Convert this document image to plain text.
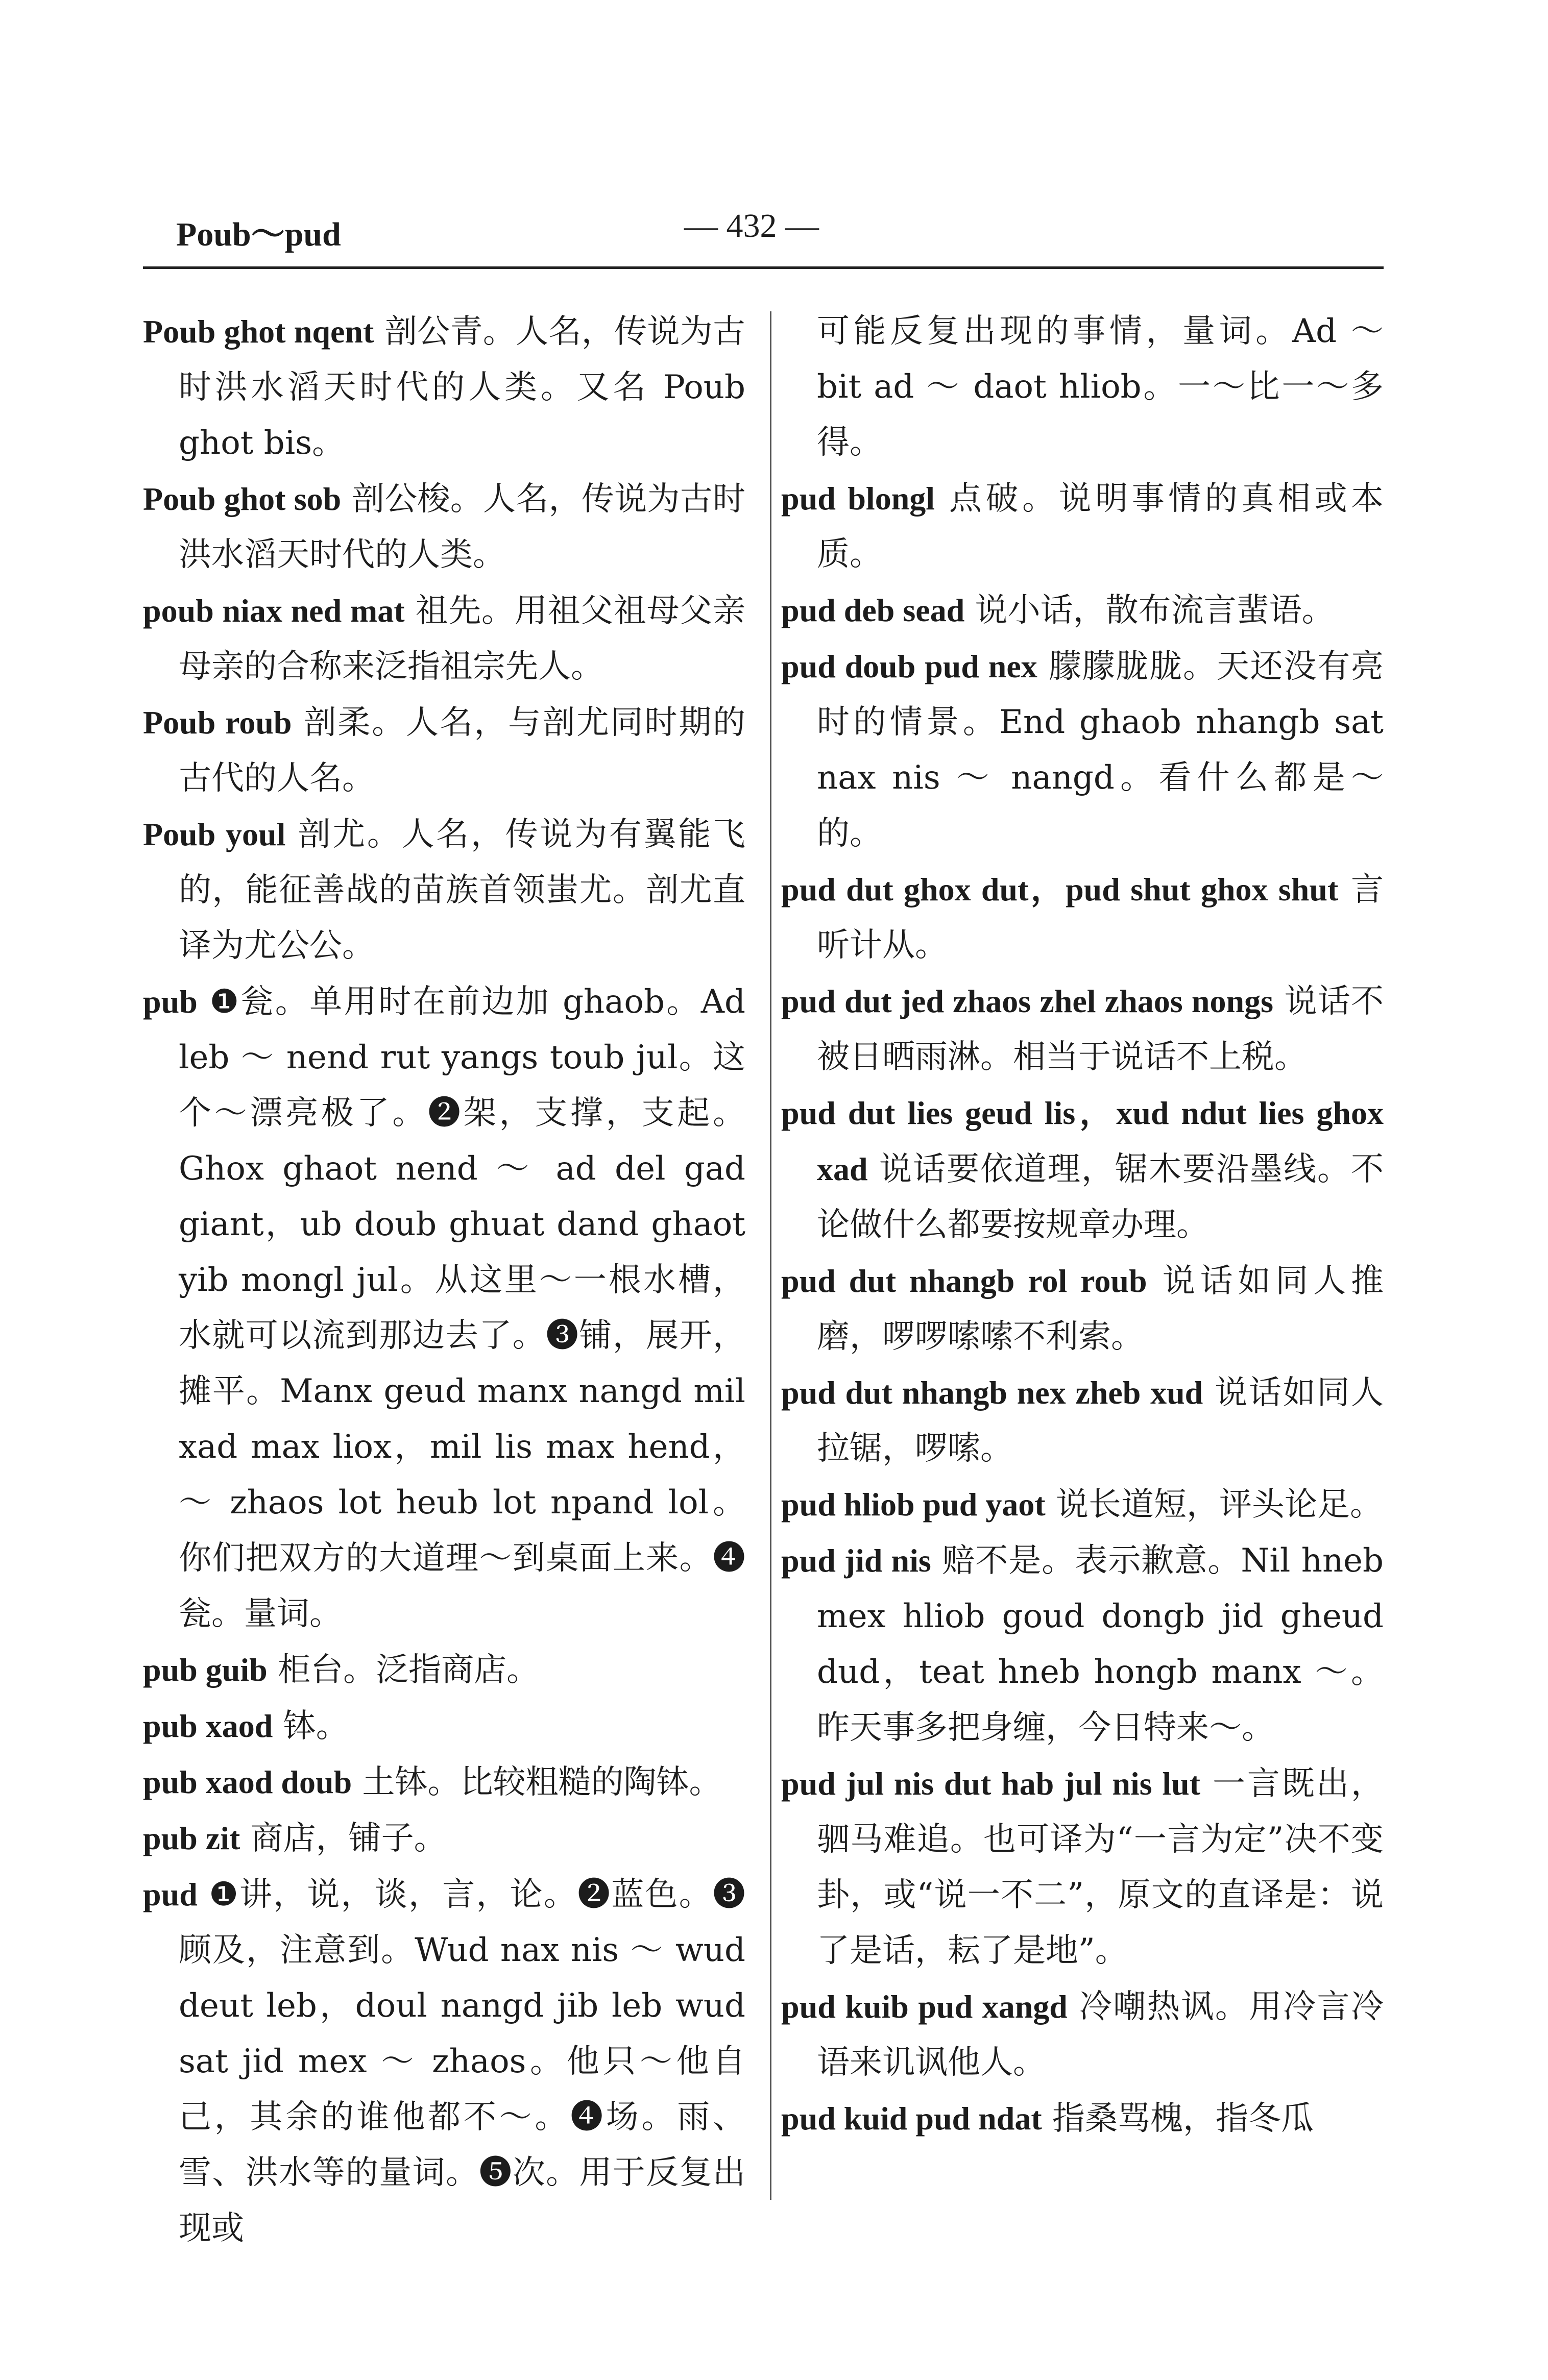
Poub～pud	— 432 —

Poub ghot nqent 剖公青。人名，传说为古时洪水滔天时代的人类。又名 Poub ghot bis。

Poub ghot sob 剖公梭。人名，传说为古时洪水滔天时代的人类。

poub niax ned mat 祖先。用祖父祖母父亲母亲的合称来泛指祖宗先人。

Poub roub 剖柔。人名，与剖尤同时期的古代的人名。

Poub youl 剖尤。人名，传说为有翼能飞的，能征善战的苗族首领蚩尤。剖尤直译为尤公公。

pub ❶瓮。单用时在前边加 ghaob。Ad leb ～ nend rut yangs toub jul。这个～漂亮极了。❷架，支撑，支起。Ghox ghaot nend ～ ad del gad giant，ub doub ghuat dand ghaot yib mongl jul。从这里～一根水槽，水就可以流到那边去了。❸铺，展开，摊平。Manx geud manx nangd mil xad max liox，mil lis max hend，～ zhaos lot heub lot npand lol。你们把双方的大道理～到桌面上来。❹瓮。量词。

pub guib 柜台。泛指商店。

pub xaod 钵。

pub xaod doub 土钵。比较粗糙的陶钵。

pub zit 商店，铺子。

pud ❶讲，说，谈，言，论。❷蓝色。❸顾及，注意到。Wud nax nis ～ wud deut leb，doul nangd jib leb wud sat jid mex ～ zhaos。他只～他自己，其余的谁他都不～。❹场。雨、雪、洪水等的量词。❺次。用于反复出现或

可能反复出现的事情，量词。Ad ～ bit ad ～ daot hliob。一～比一～多得。

pud blongl 点破。说明事情的真相或本质。

pud deb sead 说小话，散布流言蜚语。

pud doub pud nex 朦朦胧胧。天还没有亮时的情景。End ghaob nhangb sat nax nis ～ nangd。看什么都是～的。

pud dut ghox dut，pud shut ghox shut 言听计从。

pud dut jed zhaos zhel zhaos nongs 说话不被日晒雨淋。相当于说话不上税。

pud dut lies geud lis，xud ndut lies ghox xad 说话要依道理，锯木要沿墨线。不论做什么都要按规章办理。

pud dut nhangb rol roub 说话如同人推磨，啰啰嗦嗦不利索。

pud dut nhangb nex zheb xud 说话如同人拉锯，啰嗦。

pud hliob pud yaot 说长道短，评头论足。

pud jid nis 赔不是。表示歉意。Nil hneb mex hliob goud dongb jid gheud dud，teat hneb hongb manx ～。昨天事多把身缠，今日特来～。

pud jul nis dut hab jul nis lut 一言既出，驷马难追。也可译为“一言为定”决不变卦，或“说一不二”，原文的直译是：说了是话，耘了是地”。

pud kuib pud xangd 冷嘲热讽。用冷言冷语来讥讽他人。

pud kuid pud ndat 指桑骂槐，指冬瓜
